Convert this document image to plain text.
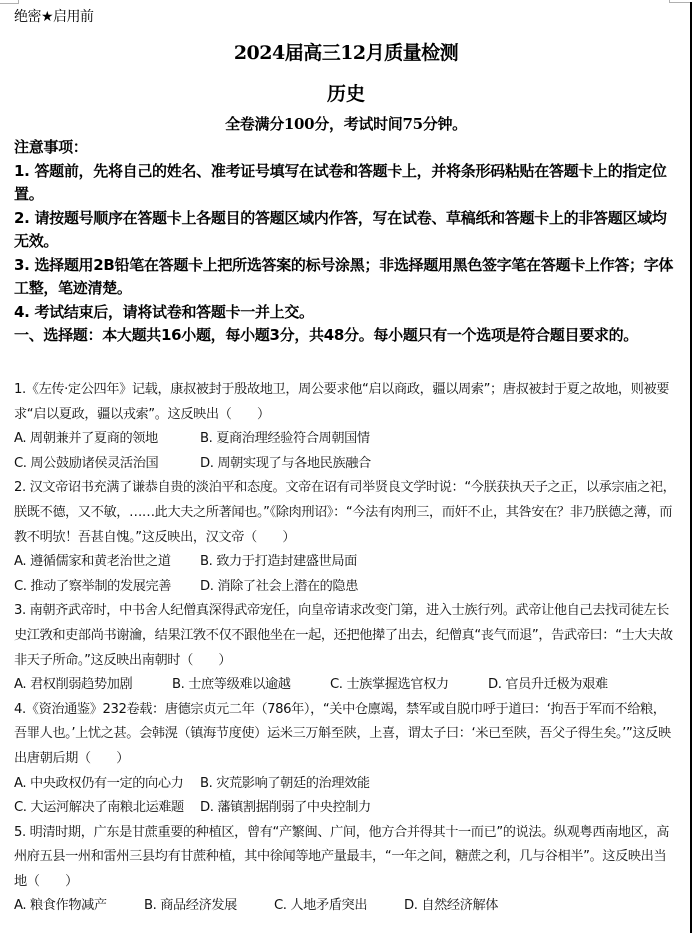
绝密★启用前
2024届高三12月质量检测
历史
全卷满分100分，考试时间75分钟。

注意事项：

1. 答题前，先将自己的姓名、准考证号填写在试卷和答题卡上，并将条形码粘贴在答题卡上的指定位置。

2. 请按题号顺序在答题卡上各题目的答题区域内作答，写在试卷、草稿纸和答题卡上的非答题区域均无效。

3. 选择题用2B铅笔在答题卡上把所选答案的标号涂黑；非选择题用黑色签字笔在答题卡上作答；字体工整，笔迹清楚。

4. 考试结束后，请将试卷和答题卡一并上交。

一、选择题：本大题共16小题，每小题3分，共48分。每小题只有一个选项是符合题目要求的。

1.《左传·定公四年》记载，康叔被封于殷故地卫，周公要求他“启以商政，疆以周索”；唐叔被封于夏之故地，则被要求“启以夏政，疆以戎索”。这反映出（　　）

A. 周朝兼并了夏商的领地	B. 夏商治理经验符合周朝国情
C. 周公鼓励诸侯灵活治国	D. 周朝实现了与各地民族融合

2. 汉文帝诏书充满了谦恭自贵的淡泊平和态度。文帝在诏有司举贤良文学时说：“今朕获执天子之正，以承宗庙之祀，朕既不德，又不敏，……此大夫之所著闻也。”《除肉刑诏》：“今法有肉刑三，而奸不止，其咎安在？非乃朕德之薄，而教不明欤！吾甚自愧。”这反映出，汉文帝（　　）

A. 遵循儒家和黄老治世之道	B. 致力于打造封建盛世局面
C. 推动了察举制的发展完善	D. 消除了社会上潜在的隐患

3. 南朝齐武帝时，中书舍人纪僧真深得武帝宠任，向皇帝请求改变门第，进入士族行列。武帝让他自己去找司徒左长史江敩和吏部尚书谢瀹，结果江敩不仅不跟他坐在一起，还把他撵了出去，纪僧真“丧气而退”，告武帝曰：“士大夫故非天子所命。”这反映出南朝时（　　）

A. 君权削弱趋势加剧	B. 士庶等级难以逾越	C. 士族掌握选官权力	D. 官员升迁极为艰难

4.《资治通鉴》232卷载：唐德宗贞元二年（786年），“关中仓廪竭，禁军或自脱巾呼于道曰：‘拘吾于军而不给粮，吾罪人也。’上忧之甚。会韩滉（镇海节度使）运米三万斛至陕，上喜，谓太子曰：‘米已至陕，吾父子得生矣。’”这反映出唐朝后期（　　）

A. 中央政权仍有一定的向心力	B. 灾荒影响了朝廷的治理效能
C. 大运河解决了南粮北运难题	D. 藩镇割据削弱了中央控制力

5. 明清时期，广东是甘蔗重要的种植区，曾有“产繁闽、广间，他方合并得其十一而已”的说法。纵观粤西南地区，高州府五县一州和雷州三县均有甘蔗种植，其中徐闻等地产量最丰，“一年之间，糖蔗之利，几与谷相半”。这反映出当地（　　）

A. 粮食作物减产	B. 商品经济发展	C. 人地矛盾突出	D. 自然经济解体
